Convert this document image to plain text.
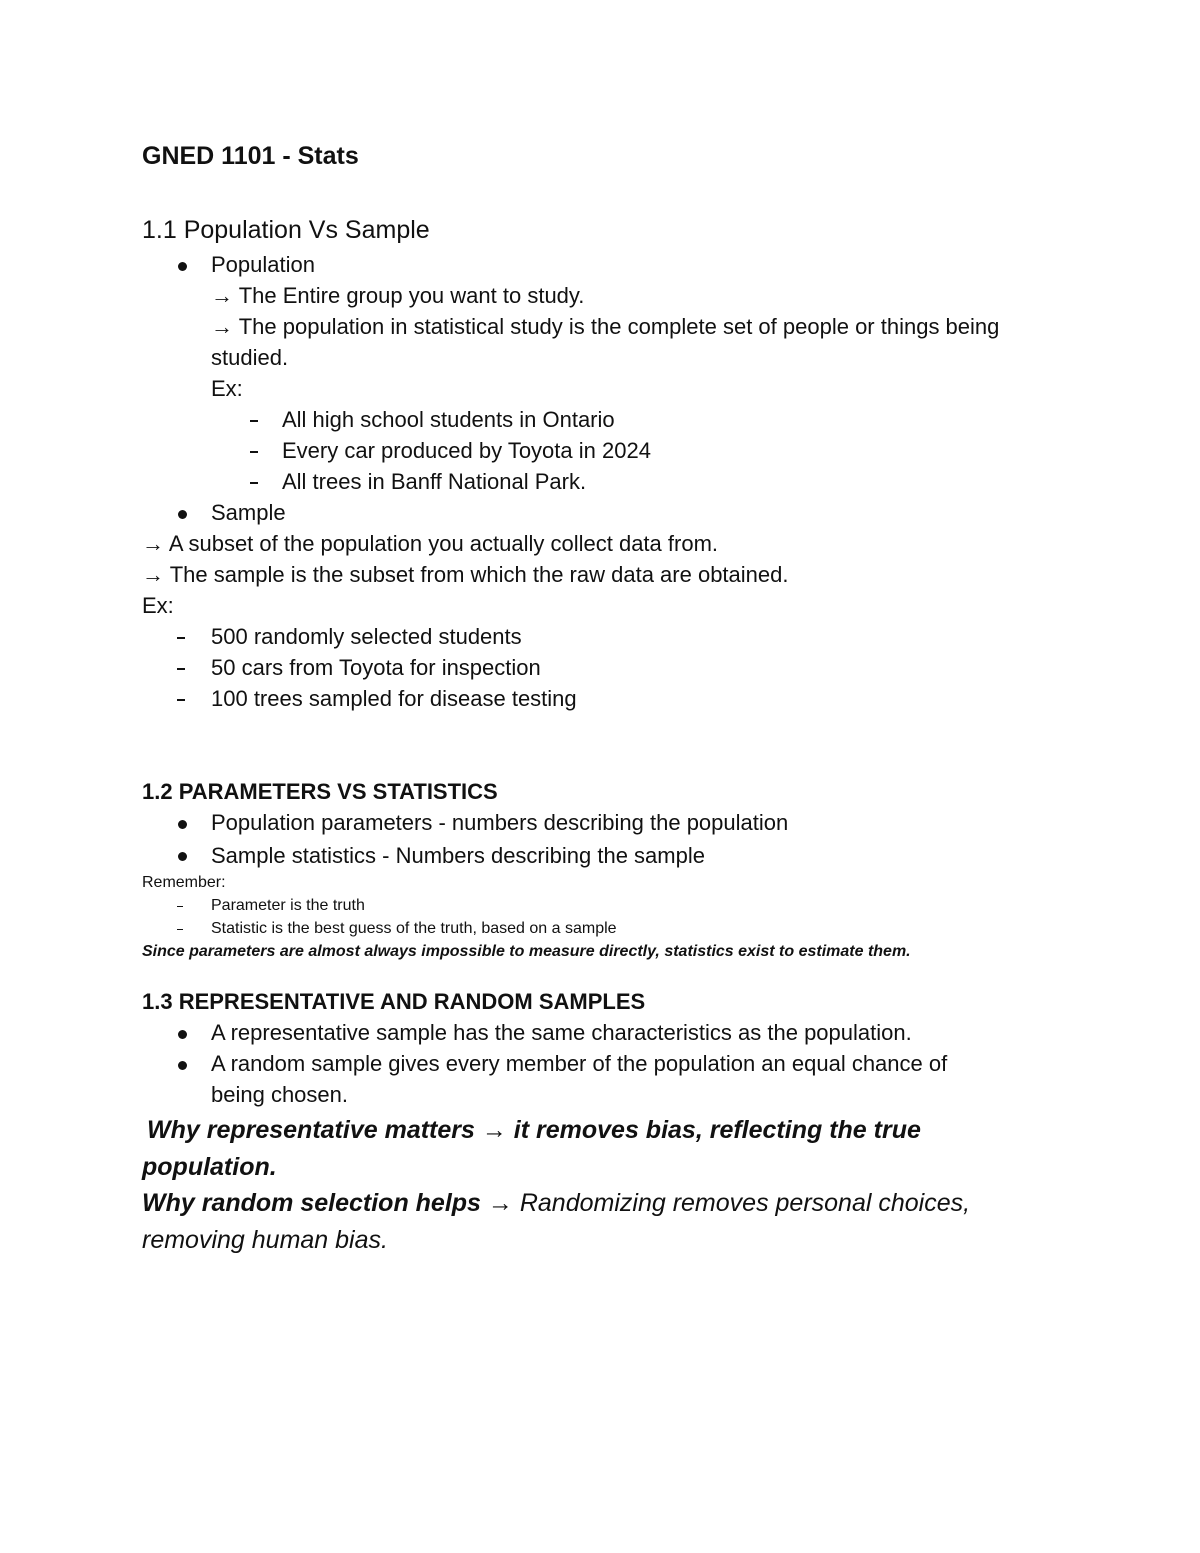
GNED 1101 - Stats
1.1 Population Vs Sample
Population
→ The Entire group you want to study.
→ The population in statistical study is the complete set of people or things being
studied.
Ex:
All high school students in Ontario
Every car produced by Toyota in 2024
All trees in Banff National Park.
Sample
→ A subset of the population you actually collect data from.
→ The sample is the subset from which the raw data are obtained.
Ex:
500 randomly selected students
50 cars from Toyota for inspection
100 trees sampled for disease testing
1.2 PARAMETERS VS STATISTICS
Population parameters - numbers describing the population
Sample statistics - Numbers describing the sample
Remember:
Parameter is the truth
Statistic is the best guess of the truth, based on a sample
Since parameters are almost always impossible to measure directly, statistics exist to estimate them.
1.3 REPRESENTATIVE AND RANDOM SAMPLES
A representative sample has the same characteristics as the population.
A random sample gives every member of the population an equal chance of
being chosen.
Why representative matters → it removes bias, reflecting the true
population.
Why random selection helps → Randomizing removes personal choices,
removing human bias.
